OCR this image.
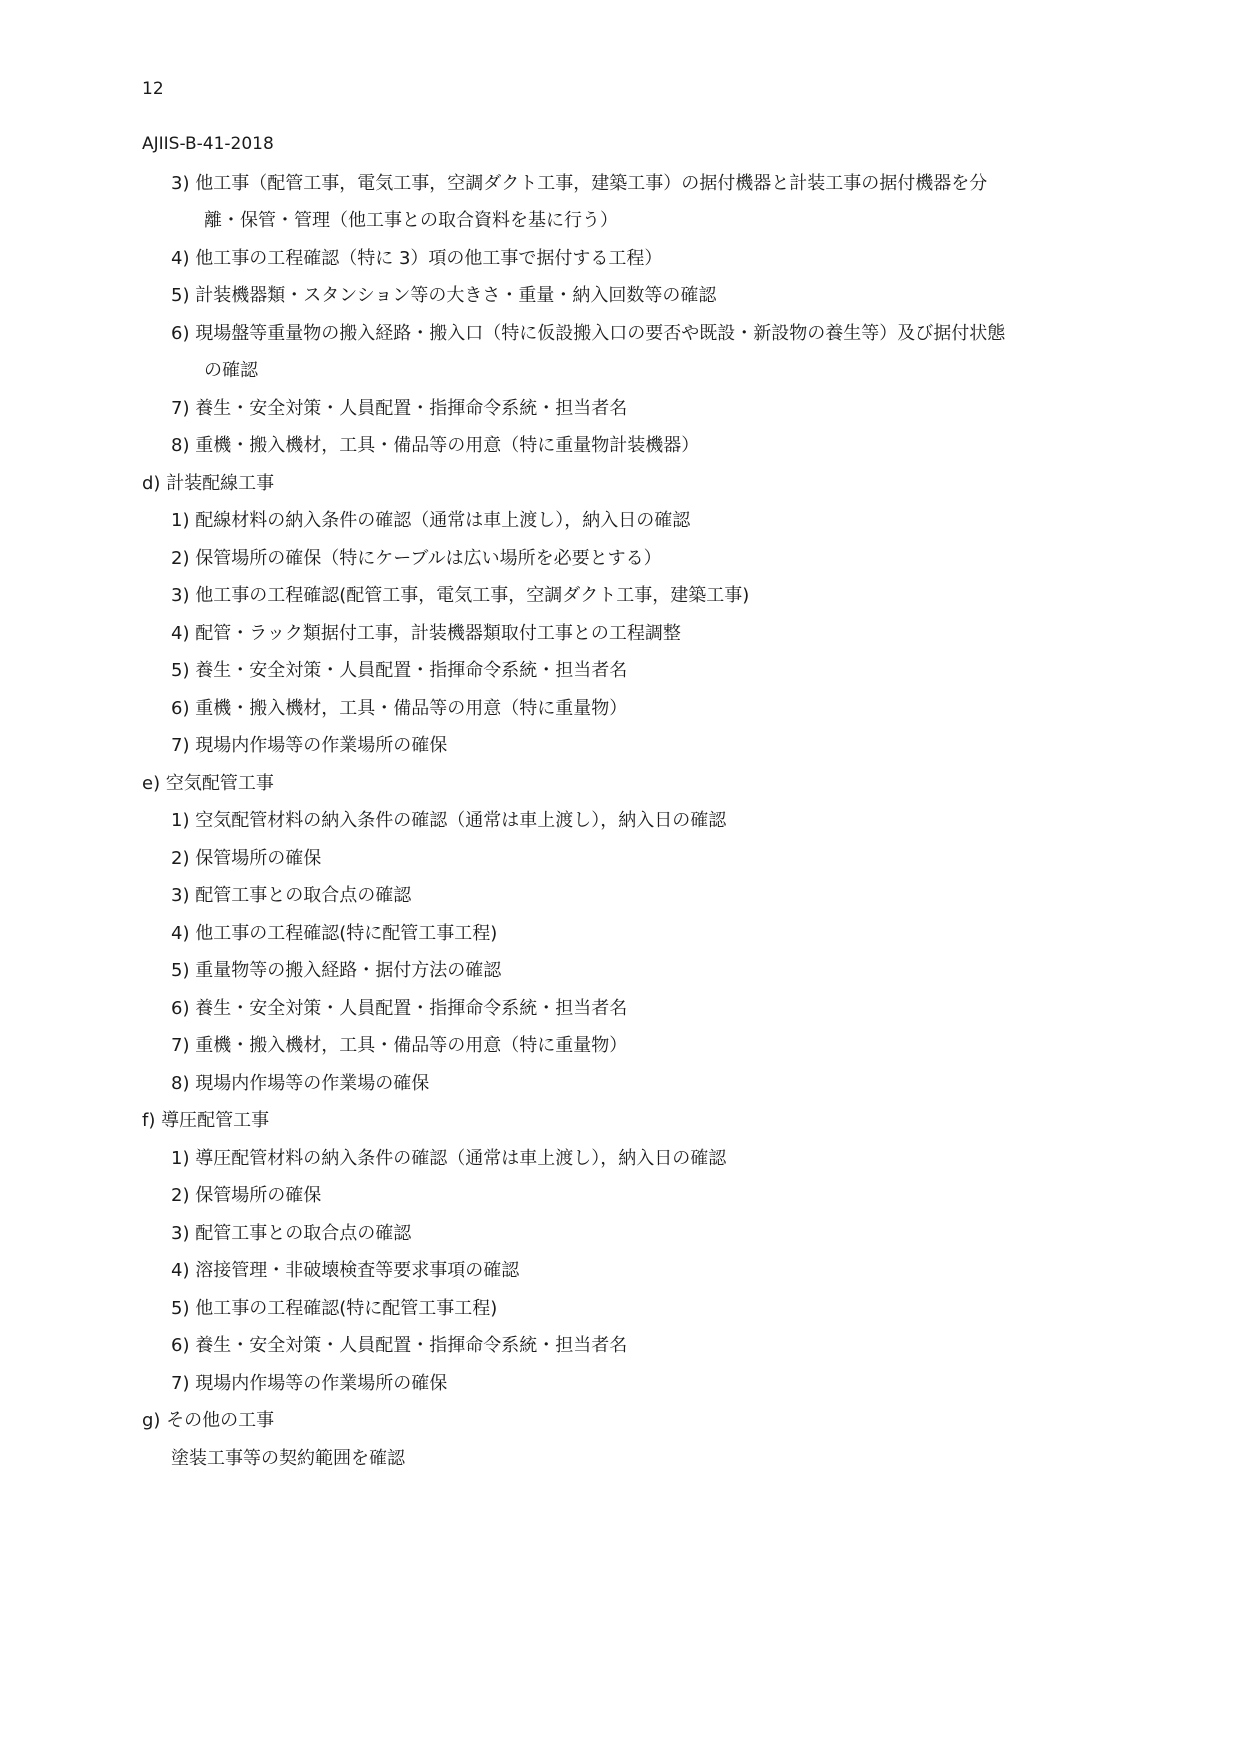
12
AJIIS-B-41-2018
3) 他工事（配管工事，電気工事，空調ダクト工事，建築工事）の据付機器と計装工事の据付機器を分
離・保管・管理（他工事との取合資料を基に行う）
4) 他工事の工程確認（特に 3）項の他工事で据付する工程）
5) 計装機器類・スタンション等の大きさ・重量・納入回数等の確認
6) 現場盤等重量物の搬入経路・搬入口（特に仮設搬入口の要否や既設・新設物の養生等）及び据付状態
の確認
7) 養生・安全対策・人員配置・指揮命令系統・担当者名
8) 重機・搬入機材，工具・備品等の用意（特に重量物計装機器）
d) 計装配線工事
1) 配線材料の納入条件の確認（通常は車上渡し），納入日の確認
2) 保管場所の確保（特にケーブルは広い場所を必要とする）
3) 他工事の工程確認(配管工事，電気工事，空調ダクト工事，建築工事)
4) 配管・ラック類据付工事，計装機器類取付工事との工程調整
5) 養生・安全対策・人員配置・指揮命令系統・担当者名
6) 重機・搬入機材，工具・備品等の用意（特に重量物）
7) 現場内作場等の作業場所の確保
e) 空気配管工事
1) 空気配管材料の納入条件の確認（通常は車上渡し），納入日の確認
2) 保管場所の確保
3) 配管工事との取合点の確認
4) 他工事の工程確認(特に配管工事工程)
5) 重量物等の搬入経路・据付方法の確認
6) 養生・安全対策・人員配置・指揮命令系統・担当者名
7) 重機・搬入機材，工具・備品等の用意（特に重量物）
8) 現場内作場等の作業場の確保
f) 導圧配管工事
1) 導圧配管材料の納入条件の確認（通常は車上渡し），納入日の確認
2) 保管場所の確保
3) 配管工事との取合点の確認
4) 溶接管理・非破壊検査等要求事項の確認
5) 他工事の工程確認(特に配管工事工程)
6) 養生・安全対策・人員配置・指揮命令系統・担当者名
7) 現場内作場等の作業場所の確保
g) その他の工事
塗装工事等の契約範囲を確認
